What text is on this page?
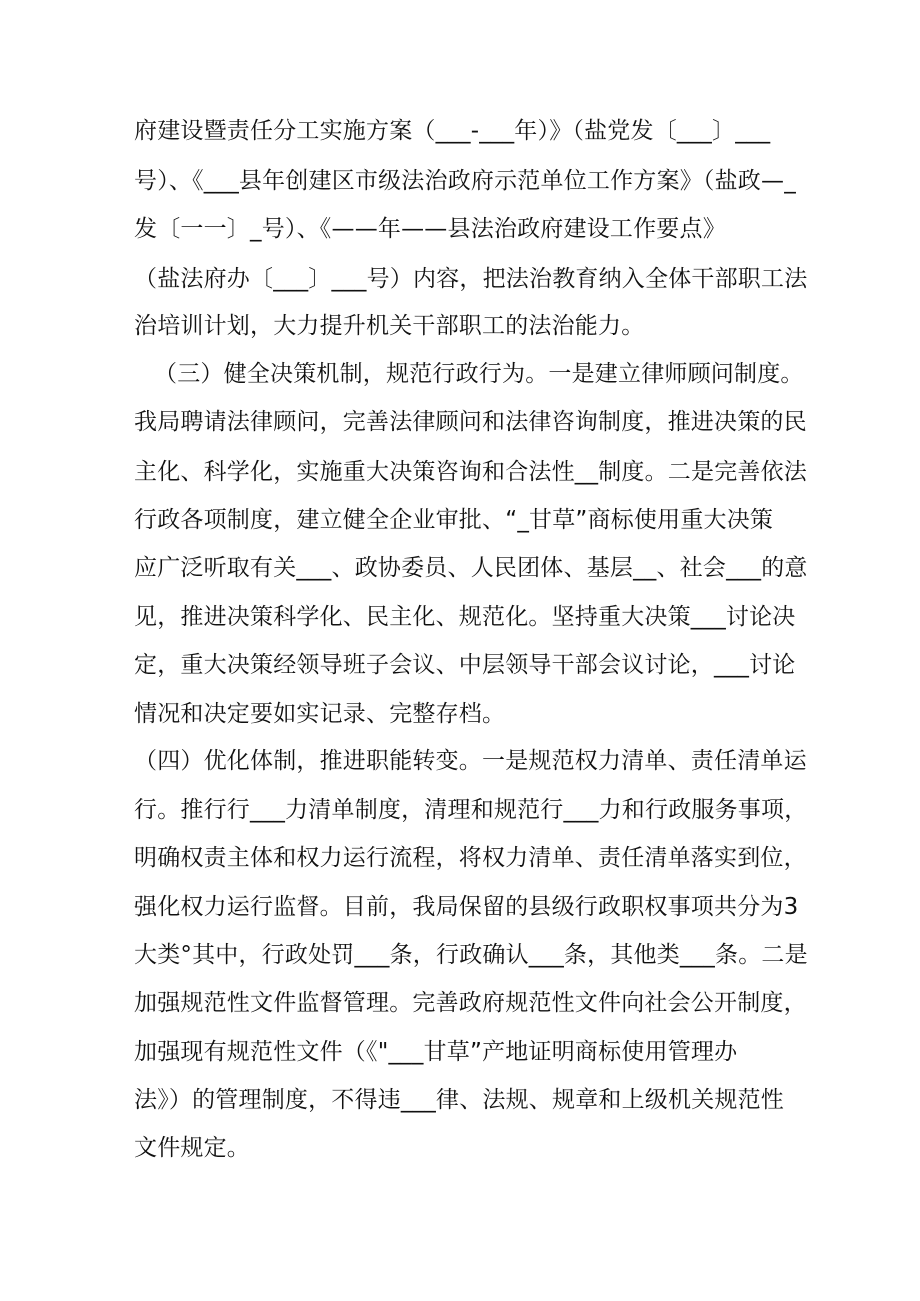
府建设暨责任分工实施方案（___-___年）》（盐党发〔___〕___
号）、《___县年创建区市级法治政府示范单位工作方案》（盐政—_
发〔一一〕_号）、《——年——县法治政府建设工作要点》
（盐法府办〔___〕___号）内容，把法治教育纳入全体干部职工法
治培训计划，大力提升机关干部职工的法治能力。
（三）健全决策机制，规范行政行为。一是建立律师顾问制度。
我局聘请法律顾问，完善法律顾问和法律咨询制度，推进决策的民
主化、科学化，实施重大决策咨询和合法性__制度。二是完善依法
行政各项制度，建立健全企业审批、“_甘草”商标使用重大决策
应广泛听取有关___、政协委员、人民团体、基层__、社会___的意
见，推进决策科学化、民主化、规范化。坚持重大决策___讨论决
定，重大决策经领导班子会议、中层领导干部会议讨论，___讨论
情况和决定要如实记录、完整存档。
（四）优化体制，推进职能转变。一是规范权力清单、责任清单运
行。推行行___力清单制度，清理和规范行___力和行政服务事项，
明确权责主体和权力运行流程，将权力清单、责任清单落实到位，
强化权力运行监督。目前，我局保留的县级行政职权事项共分为3
大类°其中，行政处罚___条，行政确认___条，其他类___条。二是
加强规范性文件监督管理。完善政府规范性文件向社会公开制度，
加强现有规范性文件（《"___甘草”产地证明商标使用管理办
法》）的管理制度，不得违___律、法规、规章和上级机关规范性
文件规定。
